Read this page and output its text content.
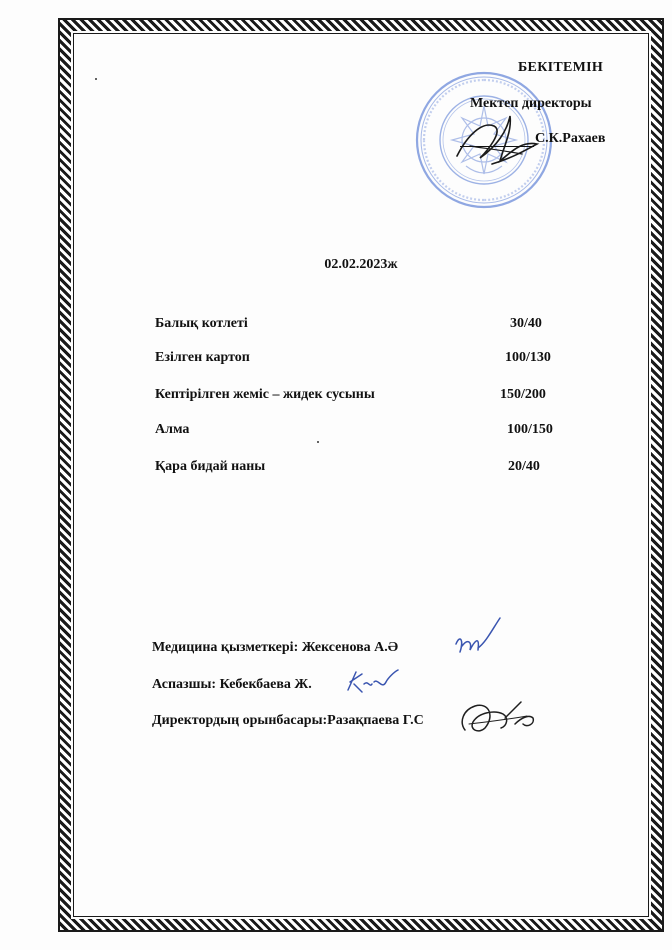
БЕКІТЕМІН
Мектеп директоры
С.К.Рахаев
02.02.2023ж
Балық котлеті	30/40
Езілген картоп	100/130
Кептірілген жеміс – жидек сусыны	150/200
Алма	100/150
Қара бидай наны	20/40
Медицина қызметкері: Жексенова А.Ә
Аспазшы: Кебекбаева Ж.
Директордың орынбасары:Разақпаева Г.С
